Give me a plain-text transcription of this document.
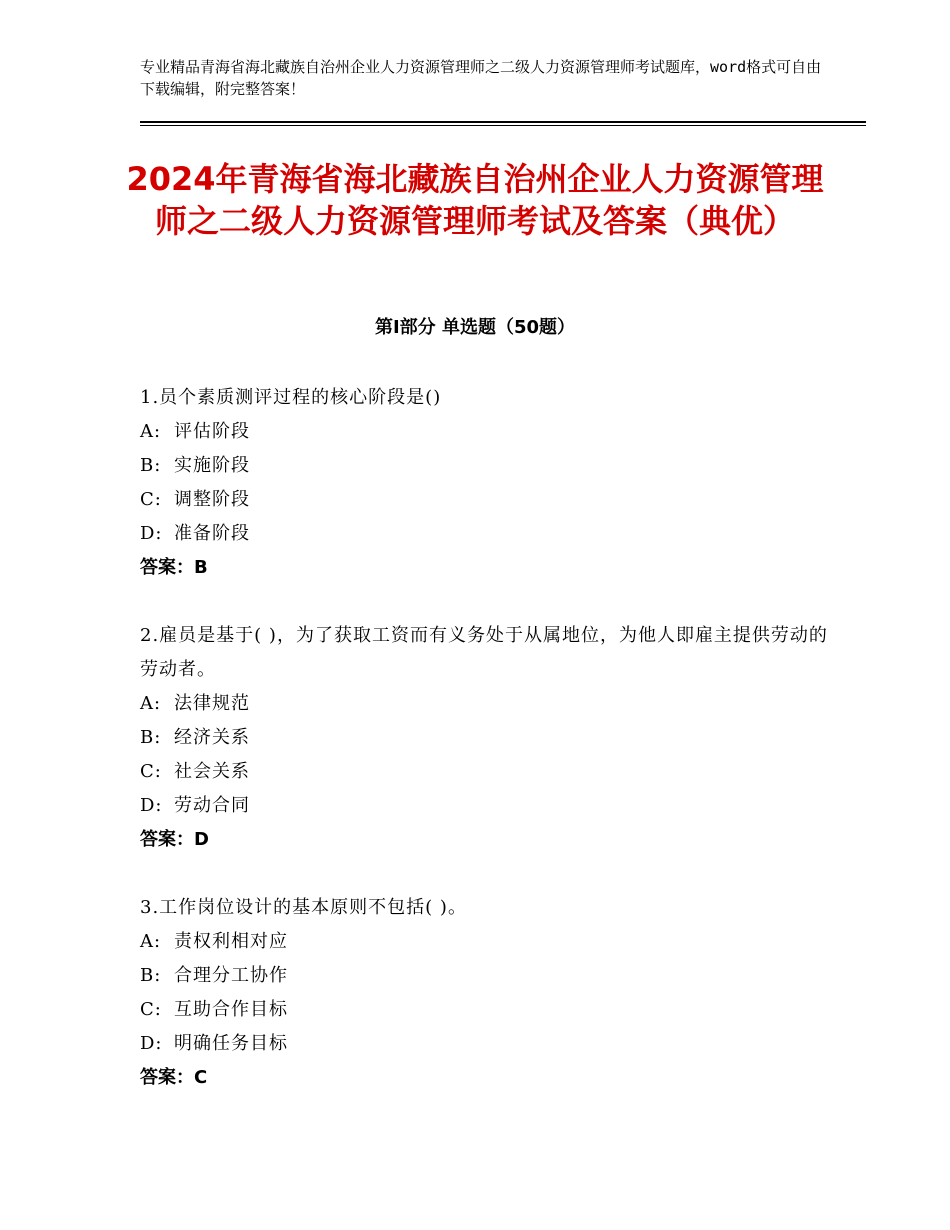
专业精品青海省海北藏族自治州企业人力资源管理师之二级人力资源管理师考试题库，word格式可自由下载编辑，附完整答案！
2024年青海省海北藏族自治州企业人力资源管理师之二级人力资源管理师考试及答案（典优）
第Ⅰ部分 单选题（50题）
1.员个素质测评过程的核心阶段是()
A: 评估阶段
B: 实施阶段
C: 调整阶段
D: 准备阶段
答案：B
2.雇员是基于( )，为了获取工资而有义务处于从属地位，为他人即雇主提供劳动的劳动者。
A: 法律规范
B: 经济关系
C: 社会关系
D: 劳动合同
答案：D
3.工作岗位设计的基本原则不包括( )。
A: 责权利相对应
B: 合理分工协作
C: 互助合作目标
D: 明确任务目标
答案：C
